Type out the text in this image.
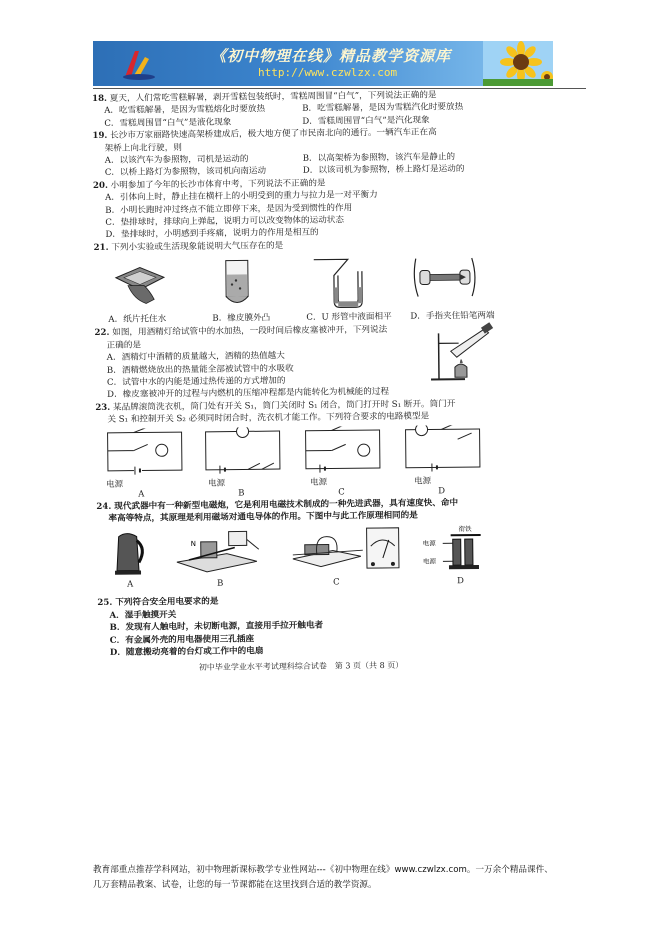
《初中物理在线》精品教学资源库
http://www.czwlzx.com
18. 夏天，人们常吃雪糕解暑，剥开雪糕包装纸时，雪糕周围冒“白气”，下列说法正确的是
A．吃雪糕解暑，是因为雪糕熔化时要放热	B．吃雪糕解暑，是因为雪糕汽化时要放热
C．雪糕周围冒“白气”是液化现象	D．雪糕周围冒“白气”是汽化现象
19. 长沙市万家丽路快速高架桥建成后，极大地方便了市民南北向的通行。一辆汽车正在高
架桥上向北行驶，则
A．以该汽车为参照物，司机是运动的	B．以高架桥为参照物，该汽车是静止的
C．以桥上路灯为参照物，该司机向南运动	D．以该司机为参照物，桥上路灯是运动的
20. 小明参加了今年的长沙市体育中考，下列说法不正确的是
A．引体向上时，静止挂在横杆上的小明受到的重力与拉力是一对平衡力
B．小明长跑时冲过终点不能立即停下来，是因为受到惯性的作用
C．垫排球时，排球向上弹起，说明力可以改变物体的运动状态
D．垫排球时，小明感到手疼痛，说明力的作用是相互的
21. 下列小实验或生活现象能说明大气压存在的是
A．纸片托住水	B．橡皮膜外凸	C．U 形管中液面相平	D．手指夹住铅笔两端
22. 如图，用酒精灯给试管中的水加热，一段时间后橡皮塞被冲开，下列说法
正确的是
A．酒精灯中酒精的质量越大，酒精的热值越大
B．酒精燃烧放出的热量能全部被试管中的水吸收
C．试管中水的内能是通过热传递的方式增加的
D．橡皮塞被冲开的过程与内燃机的压缩冲程都是内能转化为机械能的过程
23. 某品牌滚筒洗衣机，筒门处有开关 S₁，筒门关闭时 S₁ 闭合，筒门打开时 S₁ 断开。筒门开
关 S₁ 和控制开关 S₂ 必须同时闭合时，洗衣机才能工作。下列符合要求的电路模型是
电源
A
电源
B
电源
C
电源
D
24. 现代武器中有一种新型电磁炮，它是利用电磁技术制成的一种先进武器，具有速度快、命中
率高等特点，其原理是利用磁场对通电导体的作用。下图中与此工作原理相同的是
N
衔铁
电源
电源
A	B	C	D
25. 下列符合安全用电要求的是
A．湿手触摸开关
B．发现有人触电时，未切断电源，直接用手拉开触电者
C．有金属外壳的用电器使用三孔插座
D．随意搬动亮着的台灯或工作中的电扇
初中毕业学业水平考试理科综合试卷　第 3 页（共 8 页）
教育部重点推荐学科网站，初中物理新课标教学专业性网站---《初中物理在线》www.czwlzx.com。一万余个精品课件、
几万套精品教案、试卷，让您的每一节课都能在这里找到合适的教学资源。
